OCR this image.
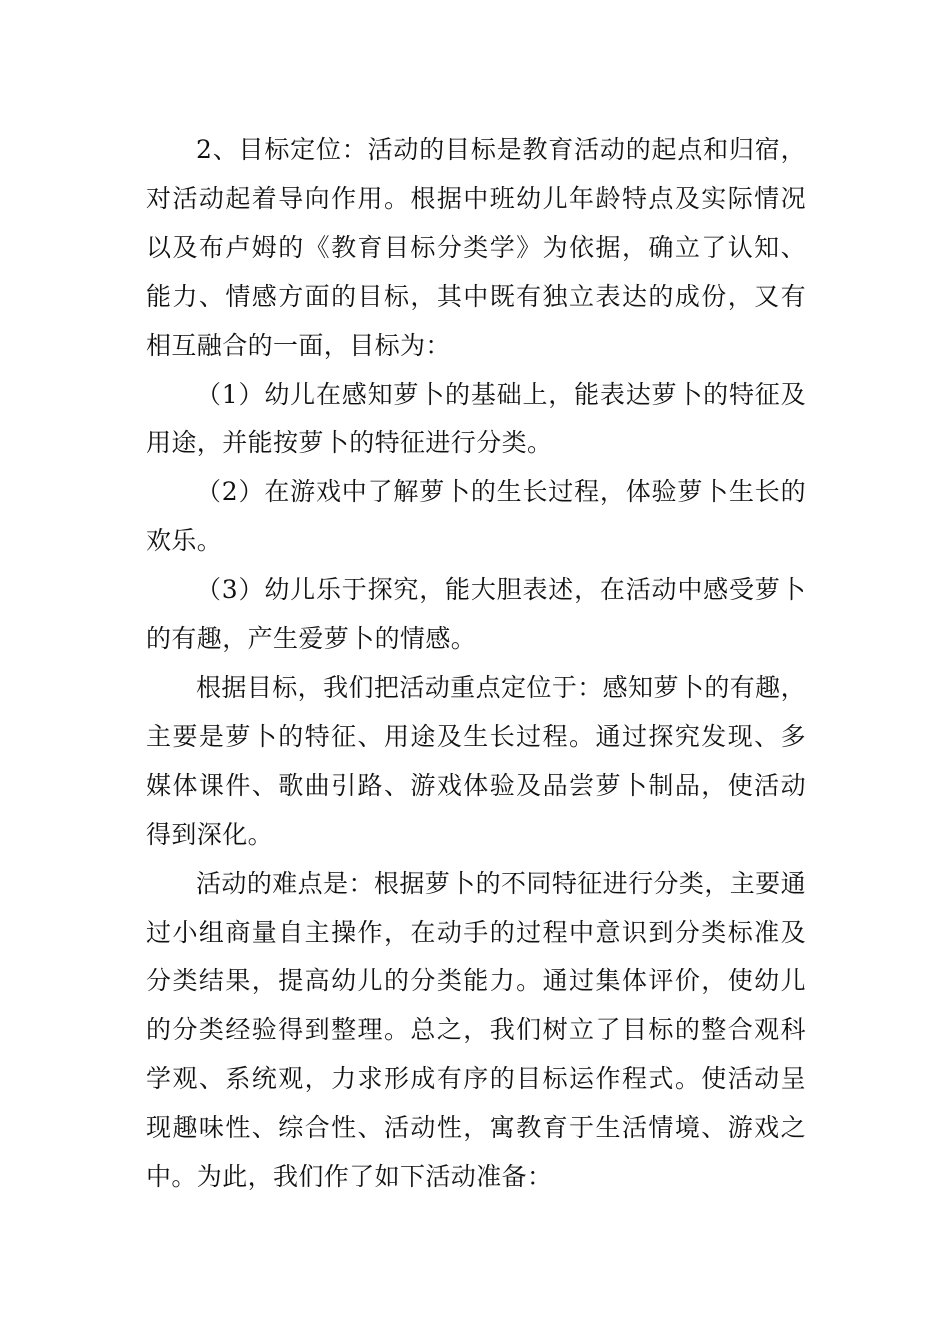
2、目标定位：活动的目标是教育活动的起点和归宿，对活动起着导向作用。根据中班幼儿年龄特点及实际情况以及布卢姆的《教育目标分类学》为依据，确立了认知、能力、情感方面的目标，其中既有独立表达的成份，又有相互融合的一面，目标为：

（1）幼儿在感知萝卜的基础上，能表达萝卜的特征及用途，并能按萝卜的特征进行分类。

（2）在游戏中了解萝卜的生长过程，体验萝卜生长的欢乐。

（3）幼儿乐于探究，能大胆表述，在活动中感受萝卜的有趣，产生爱萝卜的情感。

根据目标，我们把活动重点定位于：感知萝卜的有趣，主要是萝卜的特征、用途及生长过程。通过探究发现、多媒体课件、歌曲引路、游戏体验及品尝萝卜制品，使活动得到深化。

活动的难点是：根据萝卜的不同特征进行分类，主要通过小组商量自主操作，在动手的过程中意识到分类标准及分类结果，提高幼儿的分类能力。通过集体评价，使幼儿的分类经验得到整理。总之，我们树立了目标的整合观科学观、系统观，力求形成有序的目标运作程式。使活动呈现趣味性、综合性、活动性，寓教育于生活情境、游戏之中。为此，我们作了如下活动准备：
